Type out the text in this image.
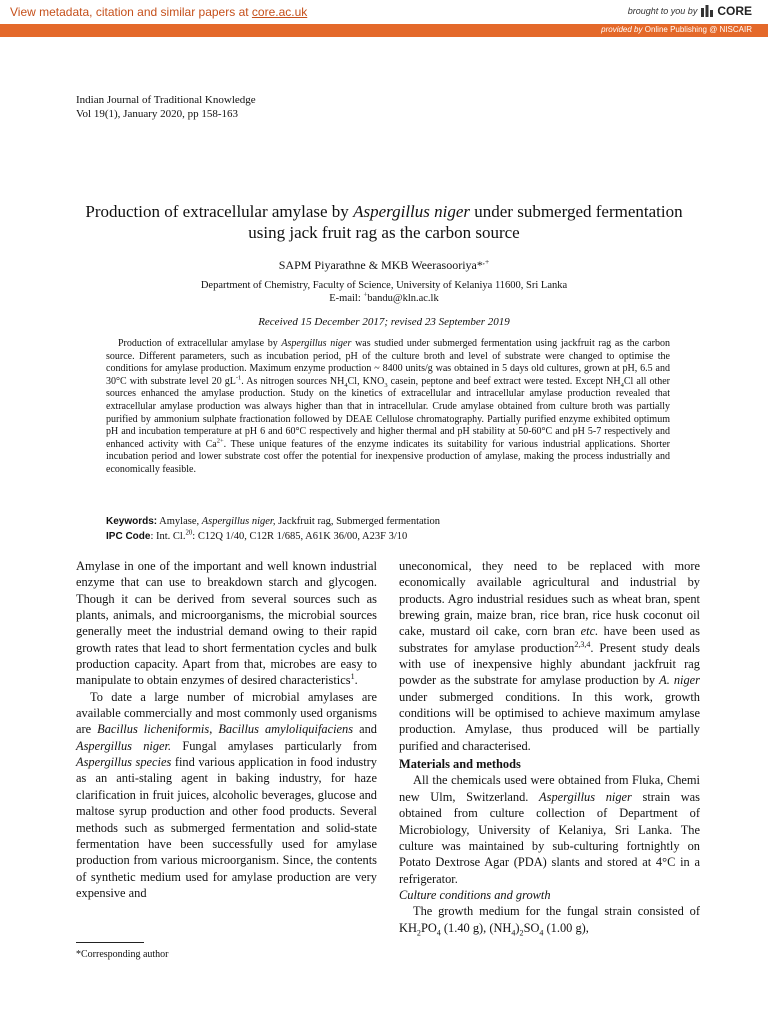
View metadata, citation and similar papers at core.ac.uk	brought to you by CORE
provided by Online Publishing @ NISCAIR
Indian Journal of Traditional Knowledge
Vol 19(1), January 2020, pp 158-163
Production of extracellular amylase by Aspergillus niger under submerged fermentation using jack fruit rag as the carbon source
SAPM Piyarathne & MKB Weerasooriya*,+
Department of Chemistry, Faculty of Science, University of Kelaniya 11600, Sri Lanka
E-mail: +bandu@kln.ac.lk
Received 15 December 2017; revised 23 September 2019

Production of extracellular amylase by Aspergillus niger was studied under submerged fermentation using jackfruit rag as the carbon source. Different parameters, such as incubation period, pH of the culture broth and level of substrate were changed to optimise the conditions for amylase production. Maximum enzyme production ~ 8400 units/g was obtained in 5 days old cultures, grown at pH, 6.5 and 30°C with substrate level 20 $gL^{-1}$. As nitrogen sources $NH_4Cl$, $KNO_3$ casein, peptone and beef extract were tested. Except $NH_4Cl$ all other sources enhanced the amylase production. Study on the kinetics of extracellular and intracellular amylase production revealed that extracellular amylase production was always higher than that in intracellular. Crude amylase obtained from culture broth was partially purified by ammonium sulphate fractionation followed by DEAE Cellulose chromatography. Partially purified enzyme exhibited optimum pH and incubation temperature at pH 6 and 60°C respectively and higher thermal and pH stability at 50-60°C and pH 5-7 respectively and enhanced activity with $Ca^{2+}$. These unique features of the enzyme indicates its suitability for various industrial applications. Shorter incubation period and lower substrate cost offer the potential for inexpensive production of amylase, making the process industrially and economically feasible.

Keywords: Amylase, Aspergillus niger, Jackfruit rag, Submerged fermentation
IPC Code: Int. Cl.$^{20}$: C12Q 1/40, C12R 1/685, A61K 36/00, A23F 3/10

Amylase in one of the important and well known industrial enzyme that can use to breakdown starch and glycogen. Though it can be derived from several sources such as plants, animals, and microorganisms, the microbial sources generally meet the industrial demand owing to their rapid growth rates that lead to short fermentation cycles and bulk production capacity. Apart from that, microbes are easy to manipulate to obtain enzymes of desired characteristics$^1$.

To date a large number of microbial amylases are available commercially and most commonly used organisms are Bacillus licheniformis, Bacillus amyloliquifaciens and Aspergillus niger. Fungal amylases particularly from Aspergillus species find various application in food industry as an anti-staling agent in baking industry, for haze clarification in fruit juices, alcoholic beverages, glucose and maltose syrup production and other food products. Several methods such as submerged fermentation and solid-state fermentation have been successfully used for amylase production from various microorganism. Since, the contents of synthetic medium used for amylase production are very expensive and

uneconomical, they need to be replaced with more economically available agricultural and industrial by products. Agro industrial residues such as wheat bran, spent brewing grain, maize bran, rice bran, rice husk coconut oil cake, mustard oil cake, corn bran etc. have been used as substrates for amylase production$^{2,3,4}$. Present study deals with use of inexpensive highly abundant jackfruit rag powder as the substrate for amylase production by A. niger under submerged conditions. In this work, growth conditions will be optimised to achieve maximum amylase production. Amylase, thus produced will be partially purified and characterised.

Materials and methods

All the chemicals used were obtained from Fluka, Chemi new Ulm, Switzerland. Aspergillus niger strain was obtained from culture collection of Department of Microbiology, University of Kelaniya, Sri Lanka. The culture was maintained by sub-culturing fortnightly on Potato Dextrose Agar (PDA) slants and stored at 4°C in a refrigerator.

Culture conditions and growth

The growth medium for the fungal strain consisted of $KH_2PO_4$ (1.40 g), $(NH_4)_2SO_4$ (1.00 g),

*Corresponding author
